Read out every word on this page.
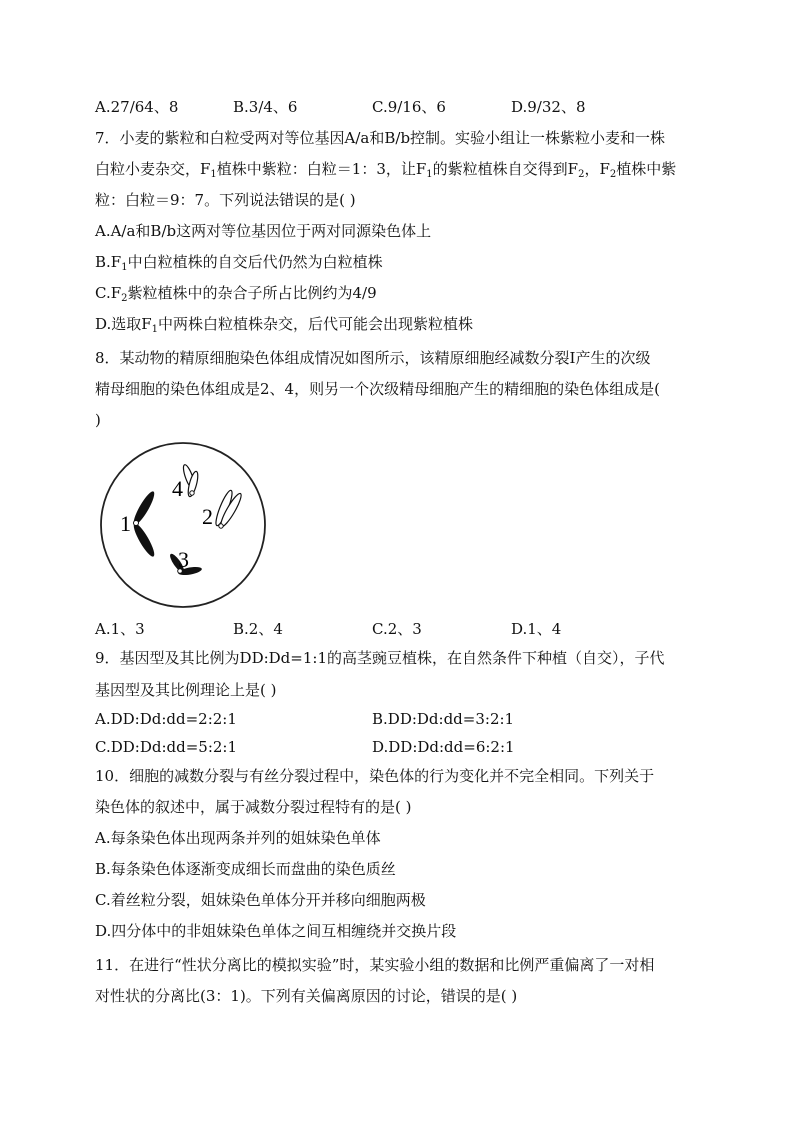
A.27/64、8	B.3/4、6	C.9/16、6	D.9/32、8
7．小麦的紫粒和白粒受两对等位基因A/a和B/b控制。实验小组让一株紫粒小麦和一株
白粒小麦杂交，$F_1$植株中紫粒：白粒＝1：3，让$F_1$的紫粒植株自交得到$F_2$，$F_2$植株中紫
粒：白粒＝9：7。下列说法错误的是( )
A.A/a和B/b这两对等位基因位于两对同源染色体上
$B.F_1$中白粒植株的自交后代仍然为白粒植株
$C.F_2$紫粒植株中的杂合子所占比例约为4/9
D.选取$F_1$中两株白粒植株杂交，后代可能会出现紫粒植株
8．某动物的精原细胞染色体组成情况如图所示，该精原细胞经减数分裂Ⅰ产生的次级
精母细胞的染色体组成是2、4，则另一个次级精母细胞产生的精细胞的染色体组成是(
)
1
4
2
3
A.1、3	B.2、4	C.2、3	D.1、4
9．基因型及其比例为DD:Dd=1:1的高茎豌豆植株，在自然条件下种植（自交），子代
基因型及其比例理论上是( )
A.DD:Dd:dd=2:2:1	B.DD:Dd:dd=3:2:1
C.DD:Dd:dd=5:2:1	D.DD:Dd:dd=6:2:1
10．细胞的减数分裂与有丝分裂过程中，染色体的行为变化并不完全相同。下列关于
染色体的叙述中，属于减数分裂过程特有的是( )
A.每条染色体出现两条并列的姐妹染色单体
B.每条染色体逐渐变成细长而盘曲的染色质丝
C.着丝粒分裂，姐妹染色单体分开并移向细胞两极
D.四分体中的非姐妹染色单体之间互相缠绕并交换片段
11．在进行“性状分离比的模拟实验”时，某实验小组的数据和比例严重偏离了一对相
对性状的分离比(3：1)。下列有关偏离原因的讨论，错误的是( )
